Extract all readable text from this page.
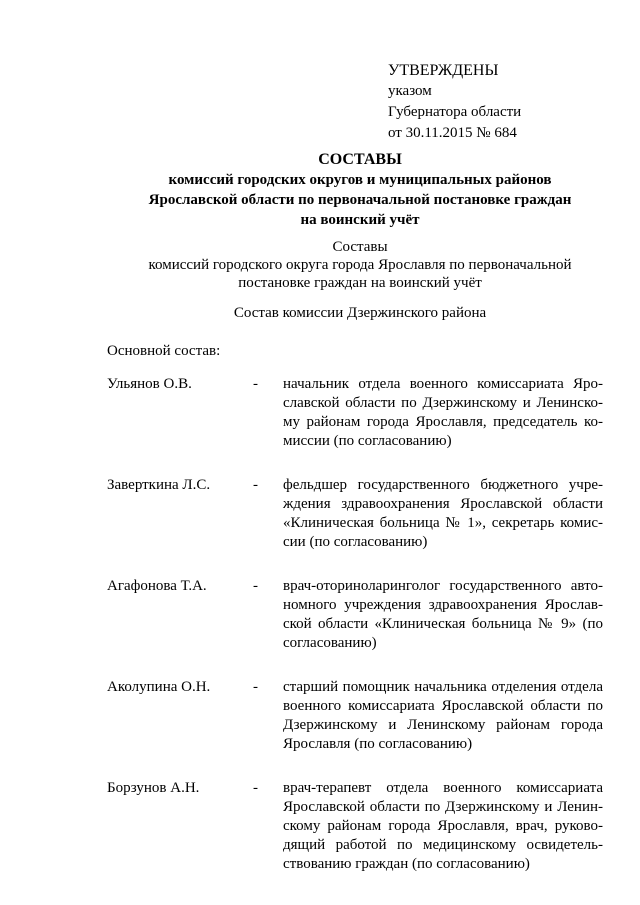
УТВЕРЖДЕНЫ
указом
Губернатора области
от 30.11.2015 № 684
СОСТАВЫ
комиссий городских округов и муниципальных районов
Ярославской области по первоначальной постановке граждан
на воинский учёт
Составы
комиссий городского округа города Ярославля по первоначальной
постановке граждан на воинский учёт
Состав комиссии Дзержинского района
Основной состав:
Ульянов О.В.	- начальник отдела военного комиссариата Яро-
славской области по Дзержинскому и Ленинско-
му районам города Ярославля, председатель ко-
миссии (по согласованию)
Заверткина Л.С.	- фельдшер государственного бюджетного учре-
ждения здравоохранения Ярославской области
«Клиническая больница № 1», секретарь комис-
сии (по согласованию)
Агафонова Т.А.	- врач-оториноларинголог государственного авто-
номного учреждения здравоохранения Ярослав-
ской области «Клиническая больница № 9» (по
согласованию)
Аколупина О.Н.	- старший помощник начальника отделения отдела
военного комиссариата Ярославской области по
Дзержинскому и Ленинскому районам города
Ярославля (по согласованию)
Борзунов А.Н.	- врач-терапевт отдела военного комиссариата
Ярославской области по Дзержинскому и Ленин-
скому районам города Ярославля, врач, руково-
дящий работой по медицинскому освидетель-
ствованию граждан (по согласованию)
